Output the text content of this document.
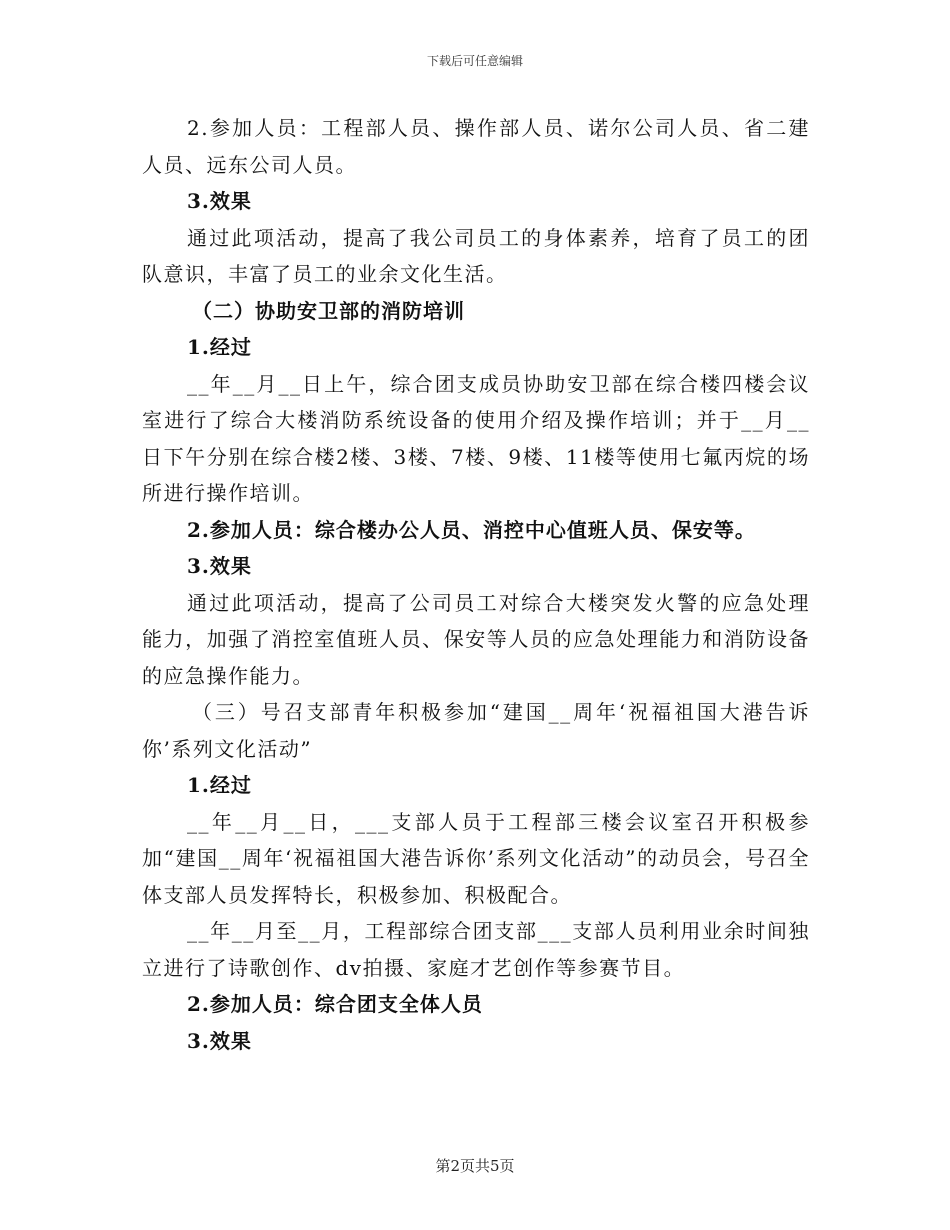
下载后可任意编辑

2.参加人员：工程部人员、操作部人员、诺尔公司人员、省二建人员、远东公司人员。

3.效果

通过此项活动，提高了我公司员工的身体素养，培育了员工的团队意识，丰富了员工的业余文化生活。

（二）协助安卫部的消防培训

1.经过

__年__月__日上午，综合团支成员协助安卫部在综合楼四楼会议室进行了综合大楼消防系统设备的使用介绍及操作培训；并于__月__日下午分别在综合楼2楼、3楼、7楼、9楼、11楼等使用七氟丙烷的场所进行操作培训。

2.参加人员：综合楼办公人员、消控中心值班人员、保安等。

3.效果

通过此项活动，提高了公司员工对综合大楼突发火警的应急处理能力，加强了消控室值班人员、保安等人员的应急处理能力和消防设备的应急操作能力。

（三）号召支部青年积极参加“建国__周年‘祝福祖国大港告诉你’系列文化活动”

1.经过

__年__月__日，___支部人员于工程部三楼会议室召开积极参加“建国__周年‘祝福祖国大港告诉你’系列文化活动”的动员会，号召全体支部人员发挥特长，积极参加、积极配合。

__年__月至__月，工程部综合团支部___支部人员利用业余时间独立进行了诗歌创作、dv拍摄、家庭才艺创作等参赛节目。

2.参加人员：综合团支全体人员

3.效果

第2页共5页
